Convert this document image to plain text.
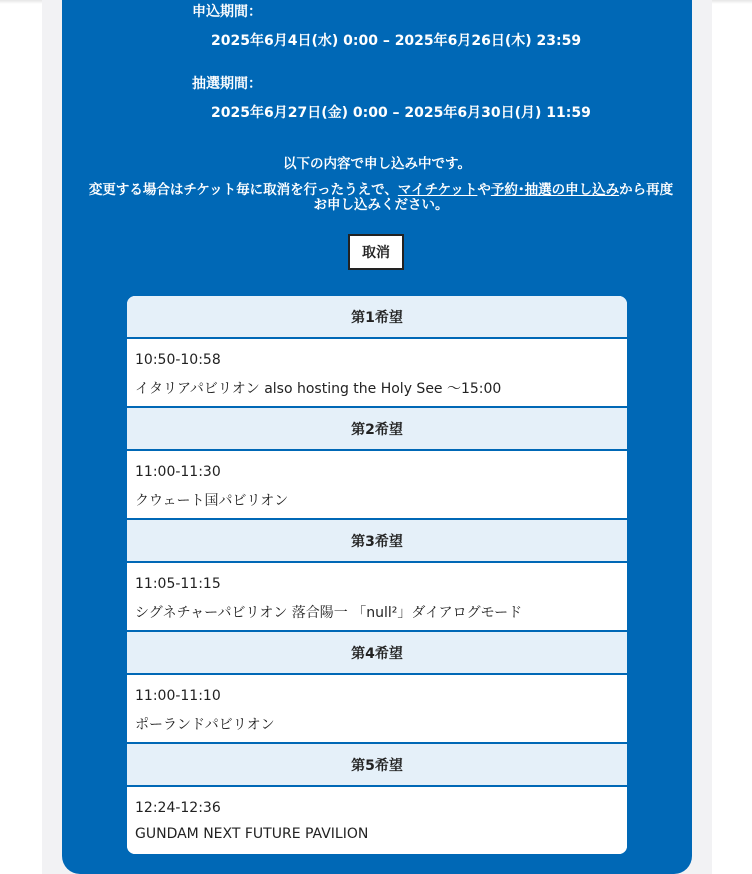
申込期間：
2025年6月4日(水) 0:00 – 2025年6月26日(木) 23:59
抽選期間：
2025年6月27日(金) 0:00 – 2025年6月30日(月) 11:59
以下の内容で申し込み中です。
変更する場合はチケット毎に取消を行ったうえで、マイチケットや予約･抽選の申し込みから再度お申し込みください。
取消
第1希望
10:50-10:58
イタリアパビリオン also hosting the Holy See ～15:00
第2希望
11:00-11:30
クウェート国パビリオン
第3希望
11:05-11:15
シグネチャーパビリオン 落合陽一 「null²」ダイアログモード
第4希望
11:00-11:10
ポーランドパビリオン
第5希望
12:24-12:36
GUNDAM NEXT FUTURE PAVILION
